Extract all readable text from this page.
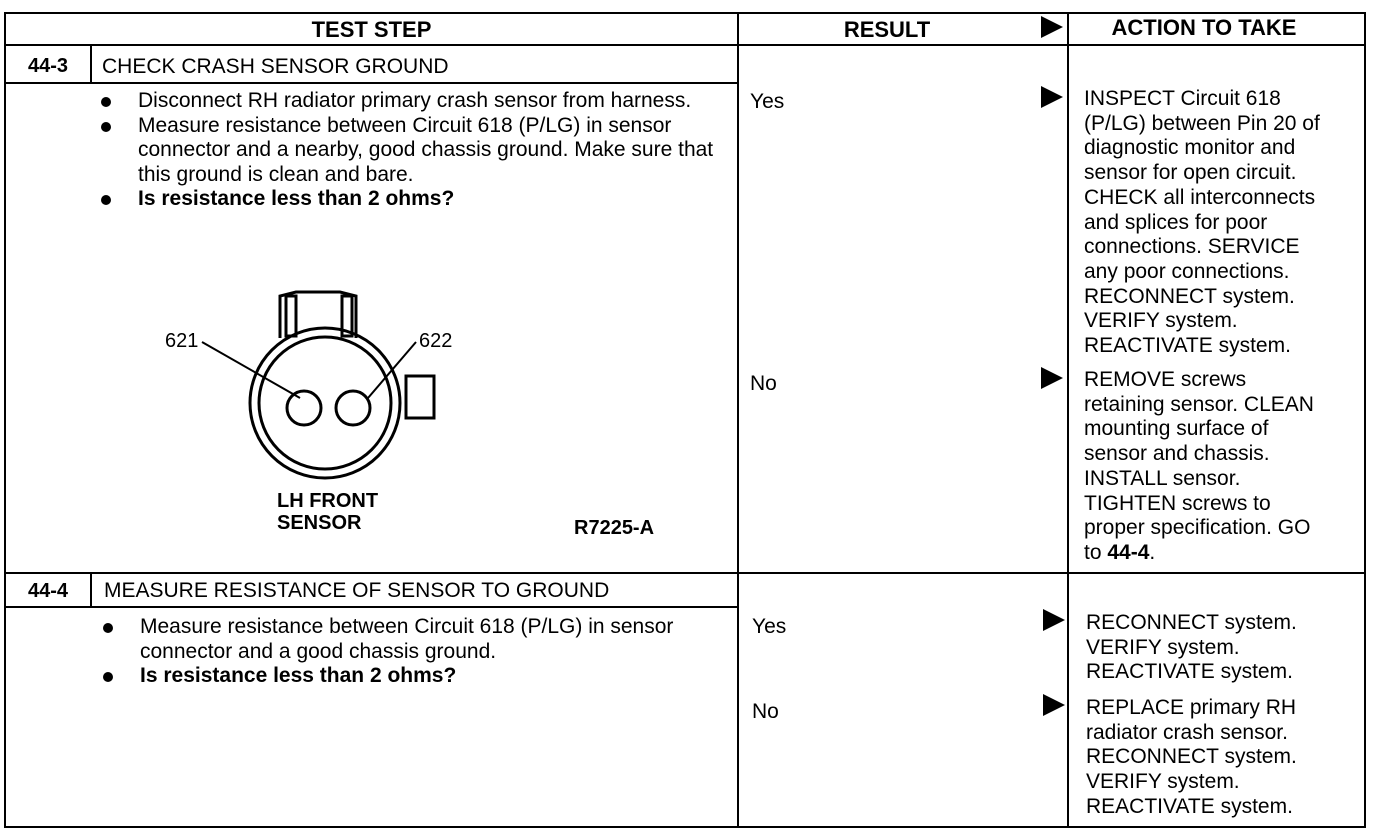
TEST STEP	RESULT	ACTION TO TAKE
44-3	CHECK CRASH SENSOR GROUND
Disconnect RH radiator primary crash sensor from harness.
Measure resistance between Circuit 618 (P/LG) in sensor connector and a nearby, good chassis ground. Make sure that this ground is clean and bare.
Is resistance less than 2 ohms?
621	622
LH FRONT
SENSOR	R7225-A
Yes	INSPECT Circuit 618
(P/LG) between Pin 20 of
diagnostic monitor and
sensor for open circuit.
CHECK all interconnects
and splices for poor
connections. SERVICE
any poor connections.
RECONNECT system.
VERIFY system.
REACTIVATE system.
No	REMOVE screws
retaining sensor. CLEAN
mounting surface of
sensor and chassis.
INSTALL sensor.
TIGHTEN screws to
proper specification. GO
to 44-4.
44-4	MEASURE RESISTANCE OF SENSOR TO GROUND
Measure resistance between Circuit 618 (P/LG) in sensor connector and a good chassis ground.
Is resistance less than 2 ohms?
Yes	RECONNECT system.
VERIFY system.
REACTIVATE system.
No	REPLACE primary RH
radiator crash sensor.
RECONNECT system.
VERIFY system.
REACTIVATE system.
